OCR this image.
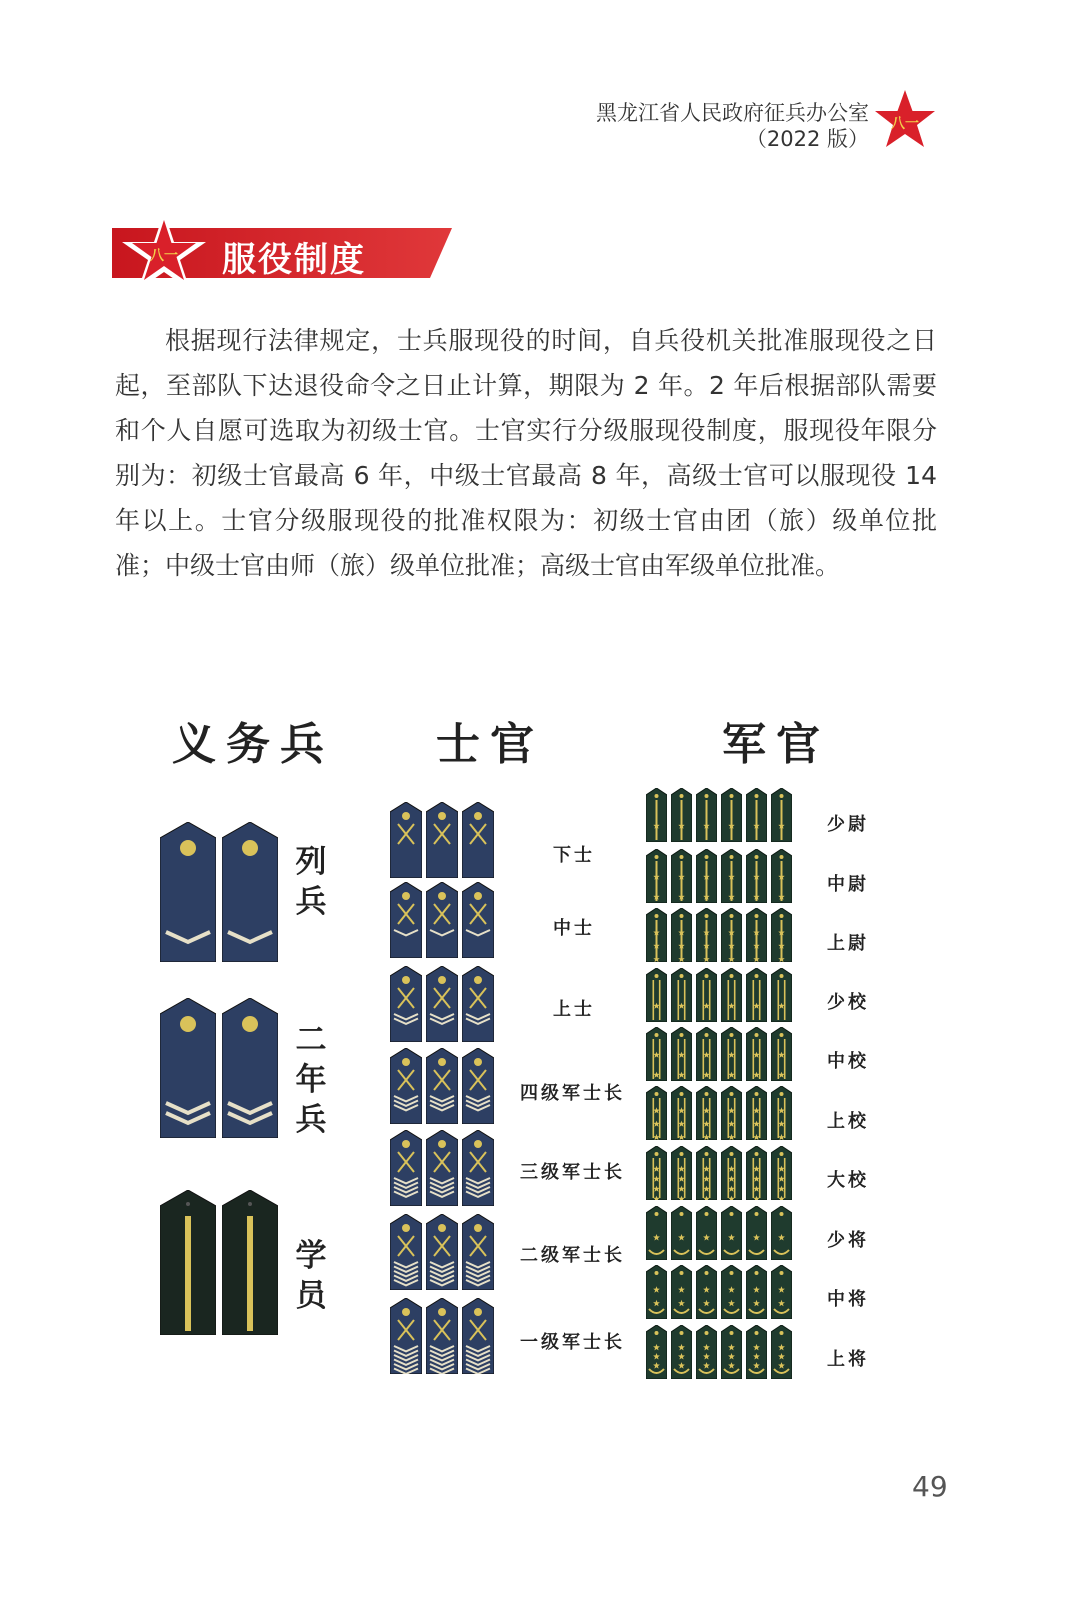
黑龙江省人民政府征兵办公室
（2022 版）
八一
八一 服役制度
根据现行法律规定，士兵服现役的时间，自兵役机关批准服现役之日起，至部队下达退役命令之日止计算，期限为 2 年。2 年后根据部队需要和个人自愿可选取为初级士官。士官实行分级服现役制度，服现役年限分别为：初级士官最高 6 年，中级士官最高 8 年，高级士官可以服现役 14 年以上。士官分级服现役的批准权限为：初级士官由团（旅）级单位批准；中级士官由师（旅）级单位批准；高级士官由军级单位批准。
义务兵 士官	军官
列
兵
二
年
兵
学
员
下士
中士
上士
四级军士长
三级军士长
二级军士长
一级军士长
少尉
中尉
上尉
少校
中校
上校
大校
少将
中将
上将
49
